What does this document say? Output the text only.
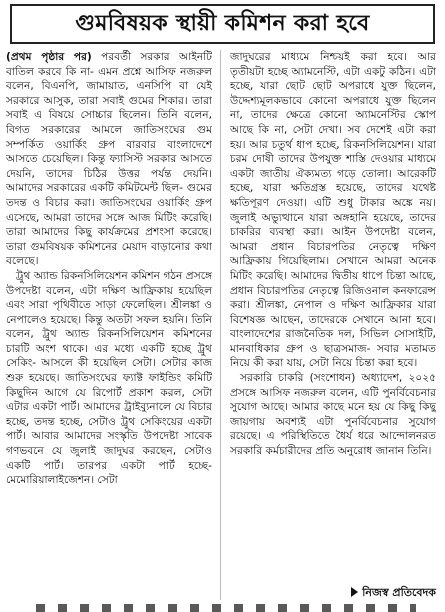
গুমবিষয়ক স্থায়ী কমিশন করা হবে

(প্রথম পৃষ্ঠার পর) পরবর্তী সরকার আইনটি বাতিল করবে কি না- এমন প্রশ্নে আসিফ নজরুল বলেন, বিএনপি, জামায়াত, এনসিপি বা যেই সরকারে আসুক, তারা সবাই গুমের শিকার। তারা সবাই এ বিষয়ে সোচ্চার ছিলেন। তিনি বলেন, বিগত সরকারের আমলে জাতিসংঘের গুম সম্পর্কিত ওয়ার্কিং গ্রুপ বারবার বাংলাদেশে আসতে চেয়েছিল। কিন্তু ফ্যাসিস্ট সরকার আসতে দেয়নি, তাদের চিঠির উত্তর পর্যন্ত দেয়নি। আমাদের সরকারের একটি কমিটমেন্ট ছিল- গুমের তদন্ত ও বিচার করা। জাতিসংঘের ওয়ার্কিং গ্রুপ এসেছে, আমরা তাদের সঙ্গে আজ মিটিং করেছি। তারা আমাদের কিছু কার্যক্রমের প্রশংসা করেছে। তারা গুমবিষয়ক কমিশনের মেয়াদ বাড়ানোর কথা বলেছে।

ট্রুথ অ্যান্ড রিকনসিলিয়েশন কমিশন গঠন প্রসঙ্গে উপদেষ্টা বলেন, এটা দক্ষিণ আফ্রিকায় হয়েছিল এবং সারা পৃথিবীতে সাড়া ফেলেছিল। শ্রীলঙ্কা ও নেপালেও হয়েছে। কিন্তু অতটা সফল হয়নি। তিনি বলেন, ট্রুথ অ্যান্ড রিকনসিলিয়েশন কমিশনের চারটি অংশ থাকে। এর মধ্যে একটি হচ্ছে ট্রুথ সেকিং- আসলে কী হয়েছিল সেটা। সেটার কাজ শুরু হয়েছে। জাতিসংঘের ফ্যাক্ট ফাইন্ডিং কমিটি কিছুদিন আগে যে রিপোর্ট প্রকাশ করল, সেটা এটার একটা পার্ট। আমাদের ট্রাইব্যুনালে যে বিচার হচ্ছে, তদন্ত হচ্ছে, সেটাও ট্রুথ সেকিংয়ের একটা পার্ট। আবার আমাদের সংস্কৃতি উপদেষ্টা সাবেক গণভবনে যে জুলাই জাদুঘর করছেন, সেটাও একটি পার্ট। তারপর একটা পার্ট হচ্ছে- মেমোরিয়ালাইজেশন। সেটা

জাদুঘরের মাধ্যমে নিশ্চয়ই করা হবে। আর তৃতীয়টা হচ্ছে অ্যামনেস্টি, এটা একটু কঠিন। এটা হচ্ছে, যারা ছোট ছোট অপরাধে যুক্ত ছিলেন, উদ্দেশ্যমূলকভাবে কোনো অপরাধে যুক্ত ছিলেন না, তাদের ক্ষেত্রে কোনো অ্যামনেস্টির স্কোপ আছে কি না, সেটা দেখা। সব দেশেই এটা করা হয়। আর চতুর্থ ধাপ হচ্ছে, রিকনসিলিয়েশন। যারা চরম দোষী তাদের উপযুক্ত শাস্তি দেওয়ার মাধ্যমে একটা জাতীয় ঐক্যমত্য গড়ে তোলা। আরেকটি হচ্ছে, যারা ক্ষতিগ্রস্ত হয়েছে, তাদের যথেষ্ট ক্ষতিপূরণ দেওয়া। এটি শুধু টাকার অঙ্কে নয়। জুলাই অভ্যুত্থানে যারা অঙ্গহানি হয়েছে, তাদের চাকরির ব্যবস্থা করা। আইন উপদেষ্টা বলেন, আমরা প্রধান বিচারপতির নেতৃত্বে দক্ষিণ আফ্রিকায় গিয়েছিলাম। সেখানে আমরা অনেক মিটিং করেছি। আমাদের দ্বিতীয় ধাপে চিন্তা আছে, প্রধান বিচারপতির নেতৃত্বে রিজিওনাল কনফারেন্স করা। শ্রীলঙ্কা, নেপাল ও দক্ষিণ আফ্রিকার যারা বিশেষজ্ঞ আছেন, তাদেরকে সেখানে আনা হবে। বাংলাদেশের রাজনৈতিক দল, সিভিল সোসাইটি, মানবাধিকার গ্রুপ ও ছাত্রসমাজ- সবার মতামত নিয়ে কী করা যায়, সেটা নিয়ে চিন্তা করা হবে।

সরকারি চাকরি (সংশোধন) অধ্যাদেশ, ২০২৫ প্রসঙ্গে আসিফ নজরুল বলেন, এটি পুনর্বিবেচনার সুযোগ আছে। আমার কাছে মনে হয় যে কিছু কিছু জায়গায় অবশ্যই এটা পুনর্বিবেচনার সুযোগ রয়েছে। এ পরিস্থিতিতে ধৈর্য ধরে আন্দোলনরত সরকারি কর্মচারীদের প্রতি অনুরোধ জানান তিনি।

নিজস্ব প্রতিবেদক
